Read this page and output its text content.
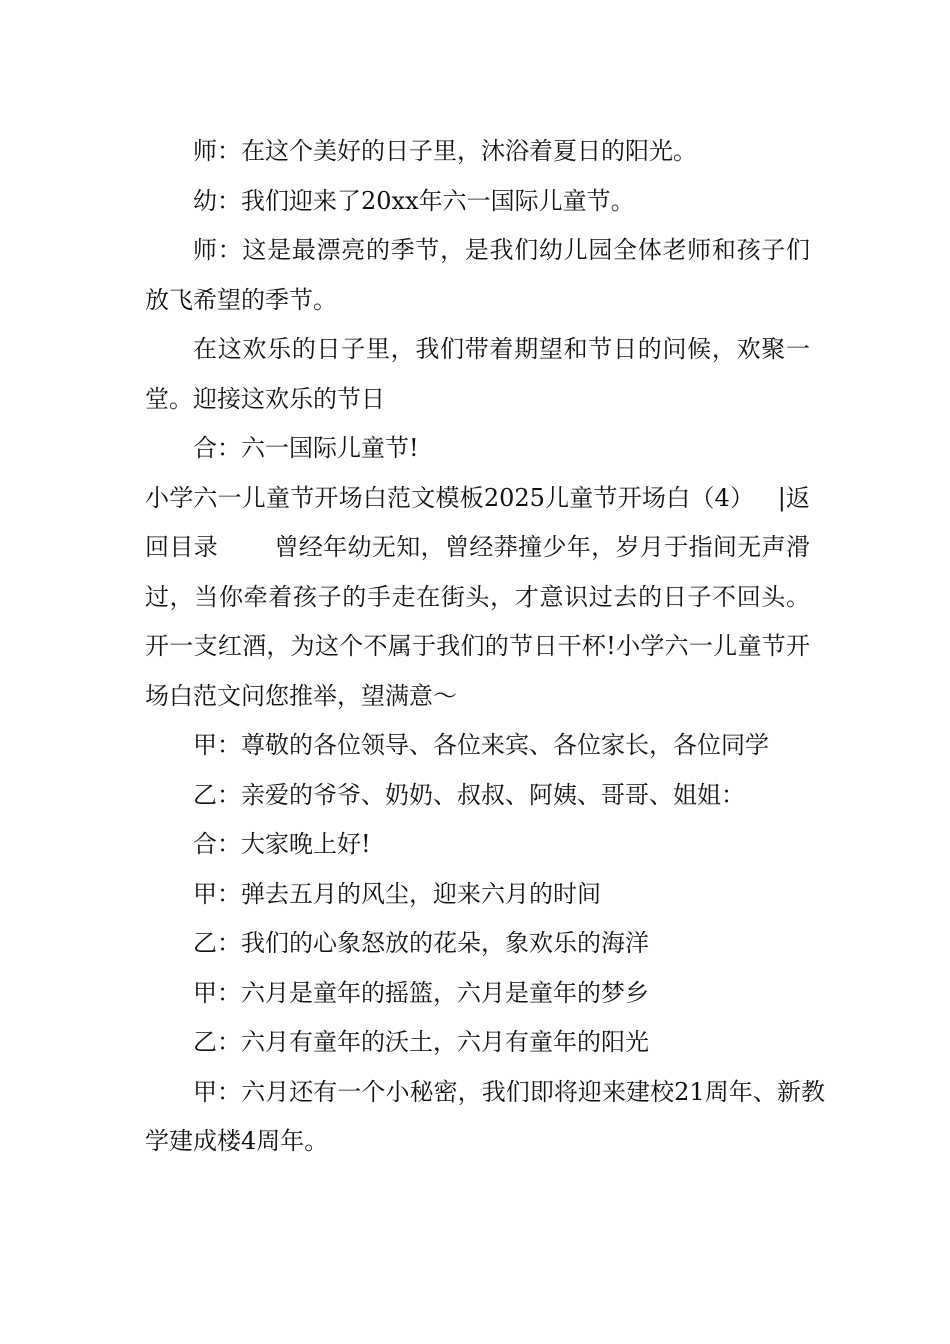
师：在这个美好的日子里，沐浴着夏日的阳光。

幼：我们迎来了20xx年六一国际儿童节。

师：这是最漂亮的季节，是我们幼儿园全体老师和孩子们放飞希望的季节。

在这欢乐的日子里，我们带着期望和节日的问候，欢聚一堂。迎接这欢乐的节日

合：六一国际儿童节!

小学六一儿童节开场白范文模板2025儿童节开场白（4） |返回目录 曾经年幼无知，曾经莽撞少年，岁月于指间无声滑过，当你牵着孩子的手走在街头，才意识过去的日子不回头。开一支红酒，为这个不属于我们的节日干杯!小学六一儿童节开场白范文问您推举，望满意～

甲：尊敬的各位领导、各位来宾、各位家长，各位同学

乙：亲爱的爷爷、奶奶、叔叔、阿姨、哥哥、姐姐：

合：大家晚上好!

甲：弹去五月的风尘，迎来六月的时间

乙：我们的心象怒放的花朵，象欢乐的海洋

甲：六月是童年的摇篮，六月是童年的梦乡

乙：六月有童年的沃土，六月有童年的阳光

甲：六月还有一个小秘密，我们即将迎来建校21周年、新教学建成楼4周年。
